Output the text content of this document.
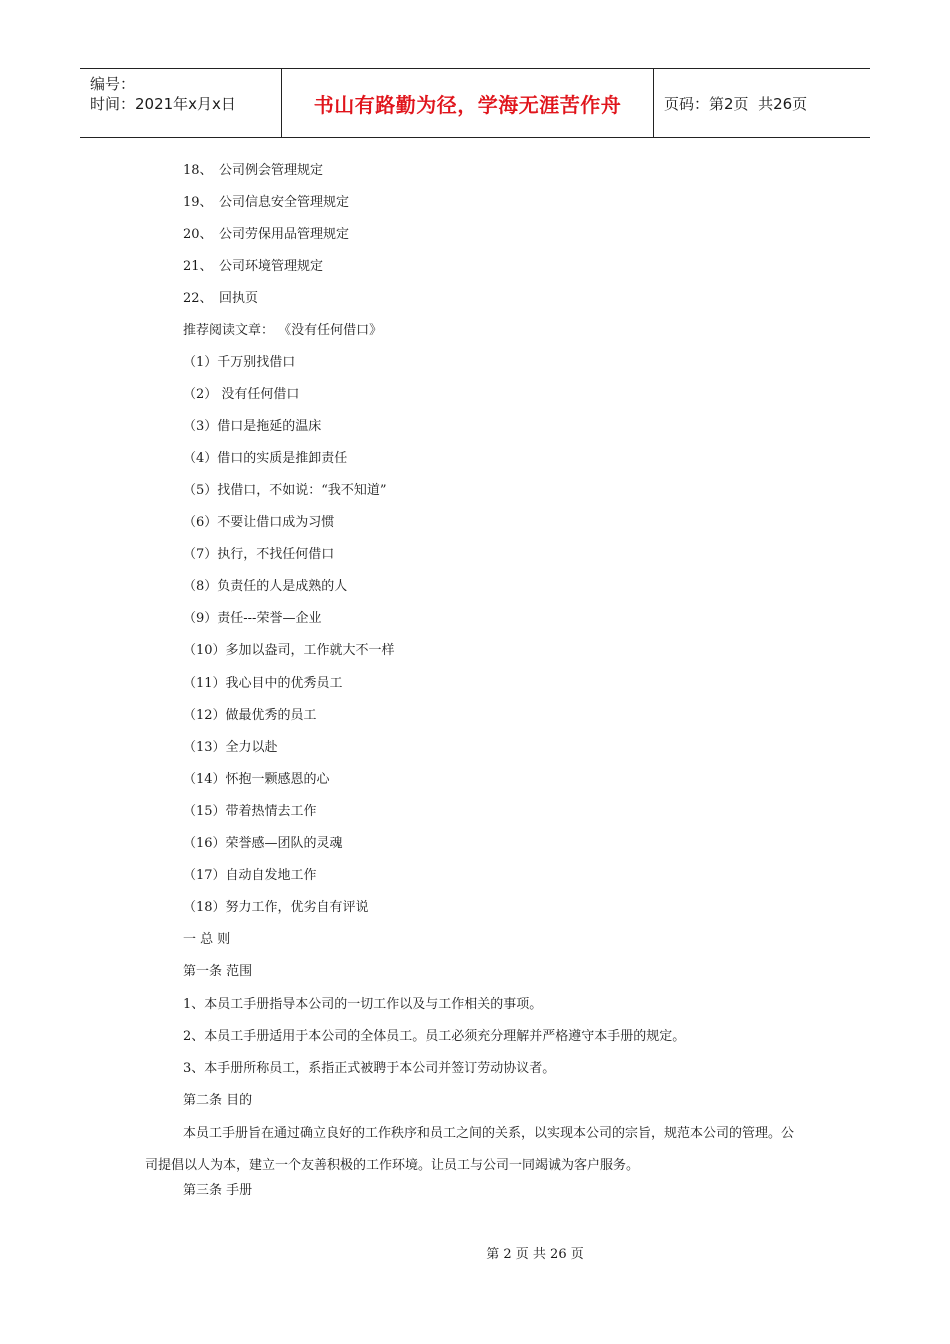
编号：
时间：2021年x月x日	书山有路勤为径，学海无涯苦作舟	页码：第2页  共26页
18、 公司例会管理规定
19、 公司信息安全管理规定
20、 公司劳保用品管理规定
21、 公司环境管理规定
22、 回执页
推荐阅读文章： 《没有任何借口》
（1）千万别找借口
（2） 没有任何借口
（3）借口是拖延的温床
（4）借口的实质是推卸责任
（5）找借口，不如说：“我不知道”
（6）不要让借口成为习惯
（7）执行，不找任何借口
（8）负责任的人是成熟的人
（9）责任---荣誉—企业
（10）多加以盎司，工作就大不一样
（11）我心目中的优秀员工
（12）做最优秀的员工
（13）全力以赴
（14）怀抱一颗感恩的心
（15）带着热情去工作
（16）荣誉感—团队的灵魂
（17）自动自发地工作
（18）努力工作，优劣自有评说
一 总 则
第一条 范围
1、本员工手册指导本公司的一切工作以及与工作相关的事项。
2、本员工手册适用于本公司的全体员工。员工必须充分理解并严格遵守本手册的规定。
3、本手册所称员工，系指正式被聘于本公司并签订劳动协议者。
第二条 目的
本员工手册旨在通过确立良好的工作秩序和员工之间的关系，以实现本公司的宗旨，规范本公司的管理。公司提倡以人为本，建立一个友善积极的工作环境。让员工与公司一同竭诚为客户服务。
第三条 手册
第 2 页 共 26 页
